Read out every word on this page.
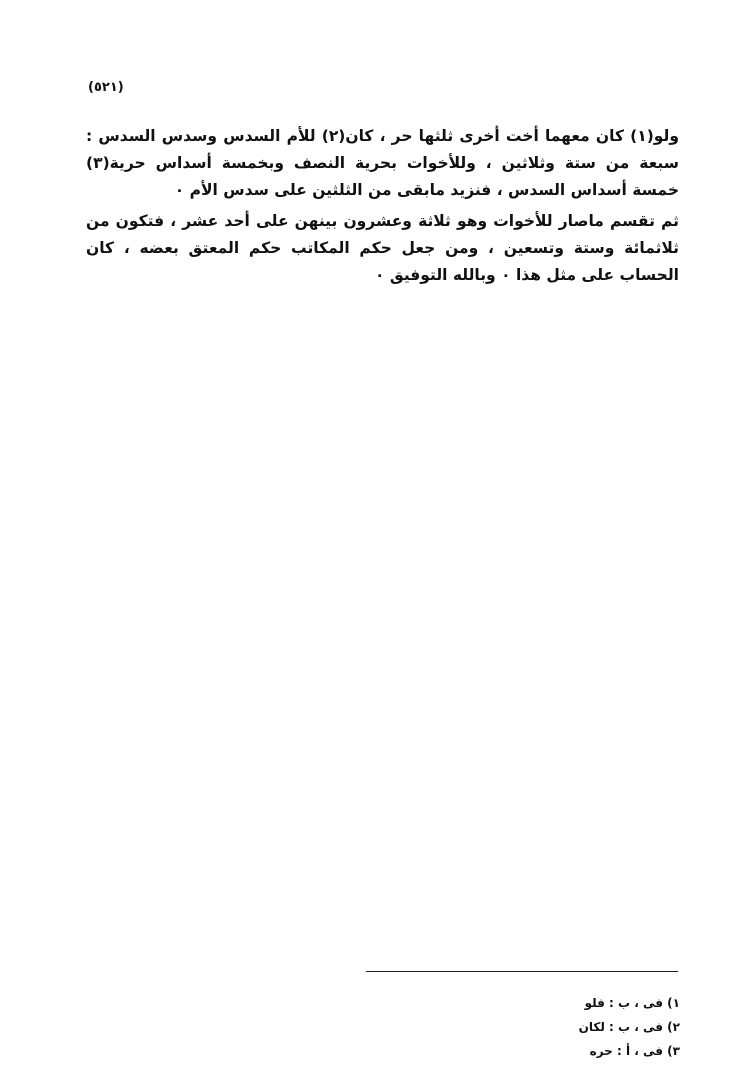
(٥٢١)

ولو(١) كان معهما أخت أخرى ثلثها حر ، كان(٢) للأم السدس وسدس السدس : سبعة من ستة وثلاثين ، وللأخوات بحرية النصف وبخمسة أسداس حرية(٣) خمسة أسداس السدس ، فنزيد مابقى من الثلثين على سدس الأم ٠

ثم تقسم ماصار للأخوات وهو ثلاثة وعشرون بينهن على أحد عشر ، فتكون من ثلاثمائة وستة وتسعين ، ومن جعل حكم المكاتب حكم المعتق بعضه ، كان الحساب على مثل هذا ٠ وبالله التوفيق ٠

١) فى ، ب : فلو
٢) فى ، ب : لكان
٣) فى ، أ : حره
